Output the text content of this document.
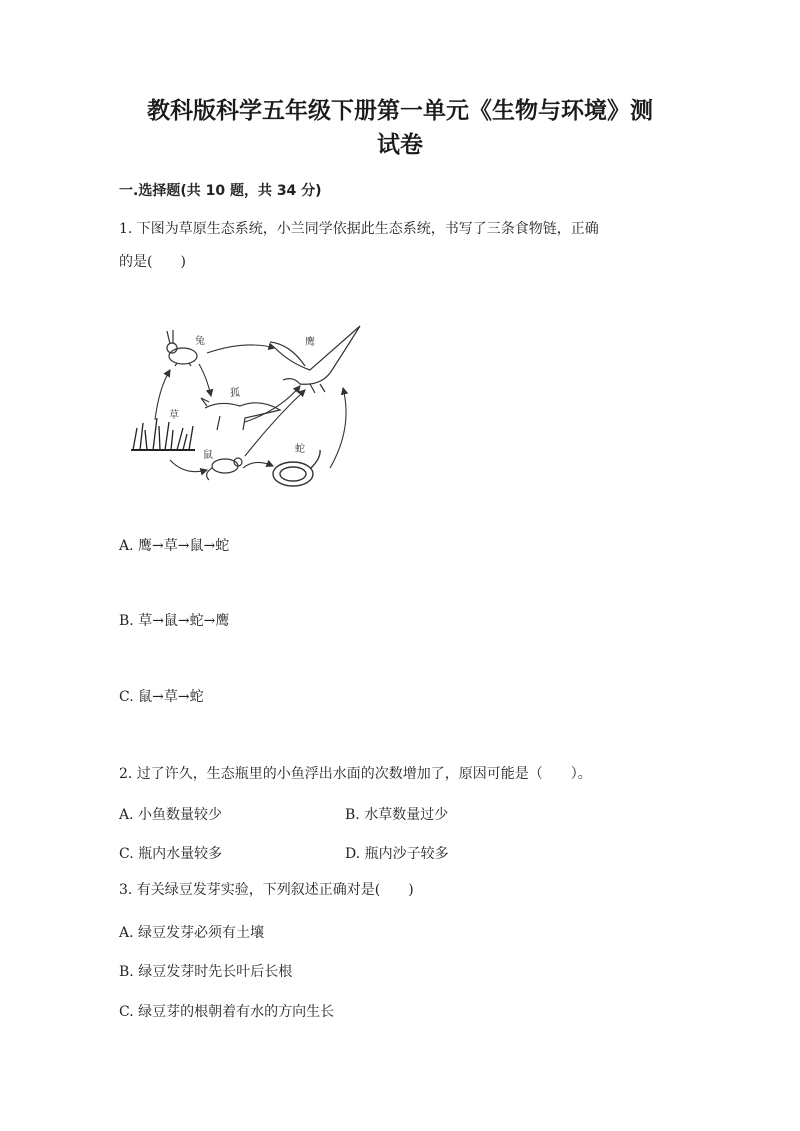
教科版科学五年级下册第一单元《生物与环境》测
试卷
一.选择题(共 10 题，共 34 分)
1. 下图为草原生态系统，小兰同学依据此生态系统，书写了三条食物链，正确
的是(　　)
兔	鹰
狐
草
鼠
蛇
A. 鹰→草→鼠→蛇
B. 草→鼠→蛇→鹰
C. 鼠→草→蛇
2. 过了许久，生态瓶里的小鱼浮出水面的次数增加了，原因可能是（　　）。
A. 小鱼数量较少	B. 水草数量过少
C. 瓶内水量较多	D. 瓶内沙子较多
3. 有关绿豆发芽实验，下列叙述正确对是(　　)
A. 绿豆发芽必须有土壤
B. 绿豆发芽时先长叶后长根
C. 绿豆芽的根朝着有水的方向生长
